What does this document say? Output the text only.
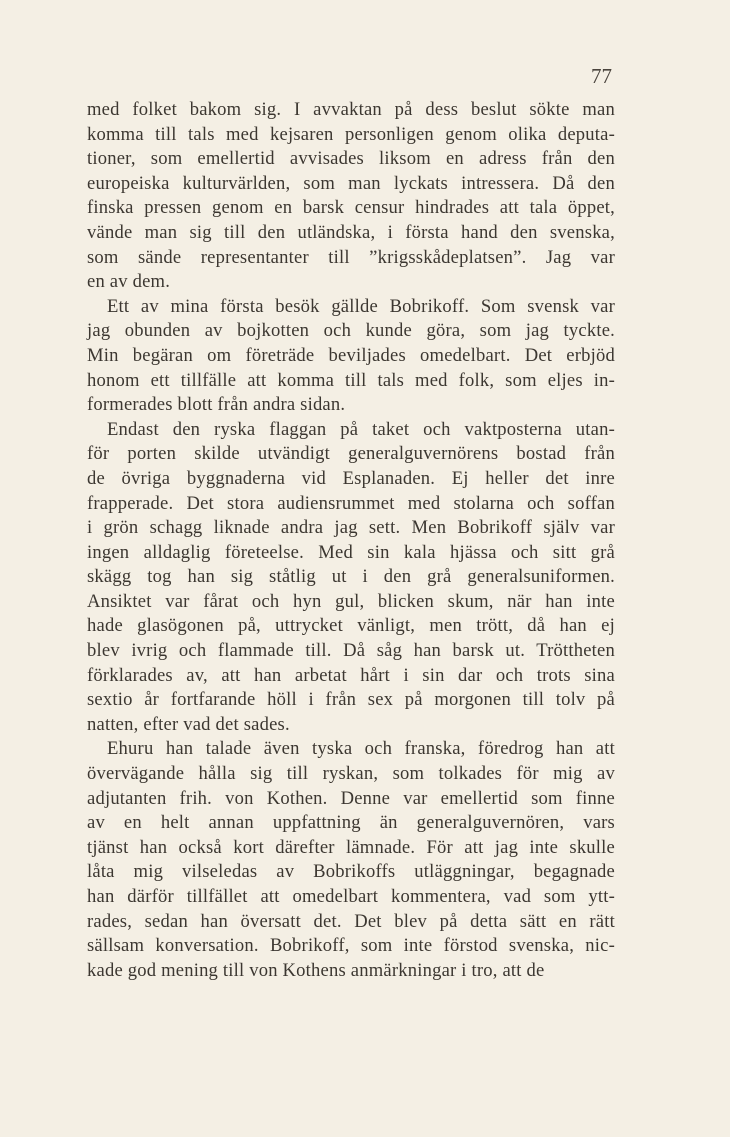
77
med folket bakom sig. I avvaktan på dess beslut sökte man
komma till tals med kejsaren personligen genom olika deputa-
tioner, som emellertid avvisades liksom en adress från den
europeiska kulturvärlden, som man lyckats intressera. Då den
finska pressen genom en barsk censur hindrades att tala öppet,
vände man sig till den utländska, i första hand den svenska,
som sände representanter till ”krigsskådeplatsen”. Jag var
en av dem.
Ett av mina första besök gällde Bobrikoff. Som svensk var
jag obunden av bojkotten och kunde göra, som jag tyckte.
Min begäran om företräde beviljades omedelbart. Det erbjöd
honom ett tillfälle att komma till tals med folk, som eljes in-
formerades blott från andra sidan.
Endast den ryska flaggan på taket och vaktposterna utan-
för porten skilde utvändigt generalguvernörens bostad från
de övriga byggnaderna vid Esplanaden. Ej heller det inre
frapperade. Det stora audiensrummet med stolarna och soffan
i grön schagg liknade andra jag sett. Men Bobrikoff själv var
ingen alldaglig företeelse. Med sin kala hjässa och sitt grå
skägg tog han sig ståtlig ut i den grå generalsuniformen.
Ansiktet var fårat och hyn gul, blicken skum, när han inte
hade glasögonen på, uttrycket vänligt, men trött, då han ej
blev ivrig och flammade till. Då såg han barsk ut. Tröttheten
förklarades av, att han arbetat hårt i sin dar och trots sina
sextio år fortfarande höll i från sex på morgonen till tolv på
natten, efter vad det sades.
Ehuru han talade även tyska och franska, föredrog han att
övervägande hålla sig till ryskan, som tolkades för mig av
adjutanten frih. von Kothen. Denne var emellertid som finne
av en helt annan uppfattning än generalguvernören, vars
tjänst han också kort därefter lämnade. För att jag inte skulle
låta mig vilseledas av Bobrikoffs utläggningar, begagnade
han därför tillfället att omedelbart kommentera, vad som ytt-
rades, sedan han översatt det. Det blev på detta sätt en rätt
sällsam konversation. Bobrikoff, som inte förstod svenska, nic-
kade god mening till von Kothens anmärkningar i tro, att de
